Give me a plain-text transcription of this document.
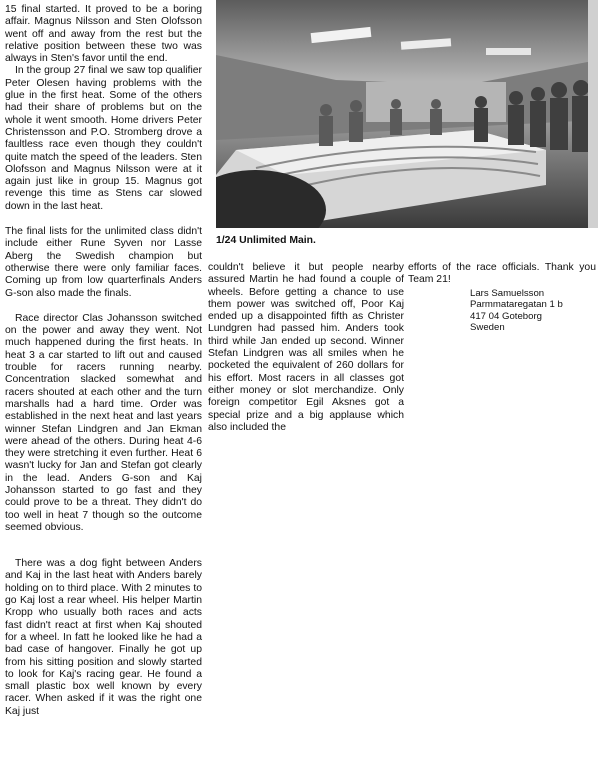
15 final started. It proved to be a boring affair. Magnus Nilsson and Sten Olofsson went off and away from the rest but the relative position between these two was always in Sten's favor until the end.

In the group 27 final we saw top qualifier Peter Olesen having problems with the glue in the first heat. Some of the others had their share of problems but on the whole it went smooth. Home drivers Peter Christensson and P.O. Stromberg drove a faultless race even though they couldn't quite match the speed of the leaders. Sten Olofsson and Magnus Nilsson were at it again just like in group 15. Magnus got revenge this time as Stens car slowed down in the last heat.

The final lists for the unlimited class didn't include either Rune Syven nor Lasse Aberg the Swedish champion but otherwise there were only familiar faces. Coming up from low quarterfinals Anders G-son also made the finals.

Race director Clas Johansson switched on the power and away they went. Not much happened during the first heats. In heat 3 a car started to lift out and caused trouble for racers running nearby. Concentration slacked somewhat and racers shouted at each other and the turn marshalls had a hard time. Order was established in the next heat and last years winner Stefan Lindgren and Jan Ekman were ahead of the others. During heat 4-6 they were stretching it even further. Heat 6 wasn't lucky for Jan and Stefan got clearly in the lead. Anders G-son and Kaj Johansson started to go fast and they could prove to be a threat. They didn't do too well in heat 7 though so the outcome seemed obvious.

There was a dog fight between Anders and Kaj in the last heat with Anders barely holding on to third place. With 2 minutes to go Kaj lost a rear wheel. His helper Martin Kropp who usually both races and acts fast didn't react at first when Kaj shouted for a wheel. In fatt he looked like he had a bad case of hangover. Finally he got up from his sitting position and slowly started to look for Kaj's racing gear. He found a small plastic box well known by every racer. When asked if it was the right one Kaj just

1/24 Unlimited Main.

couldn't believe it but people nearby assured Martin he had found a couple of wheels. Before getting a chance to use them power was switched off, Poor Kaj ended up a disappointed fifth as Christer Lundgren had passed him. Anders took third while Jan ended up second. Winner Stefan Lindgren was all smiles when he pocketed the equivalent of 260 dollars for his effort. Most racers in all classes got either money or slot merchandize. Only foreign competitor Egil Aksnes got a special prize and a big applause which also included the

efforts of the race officials. Thank you Team 21!

Lars Samuelsson

Parmmataregatan 1 b

417 04 Goteborg

Sweden
